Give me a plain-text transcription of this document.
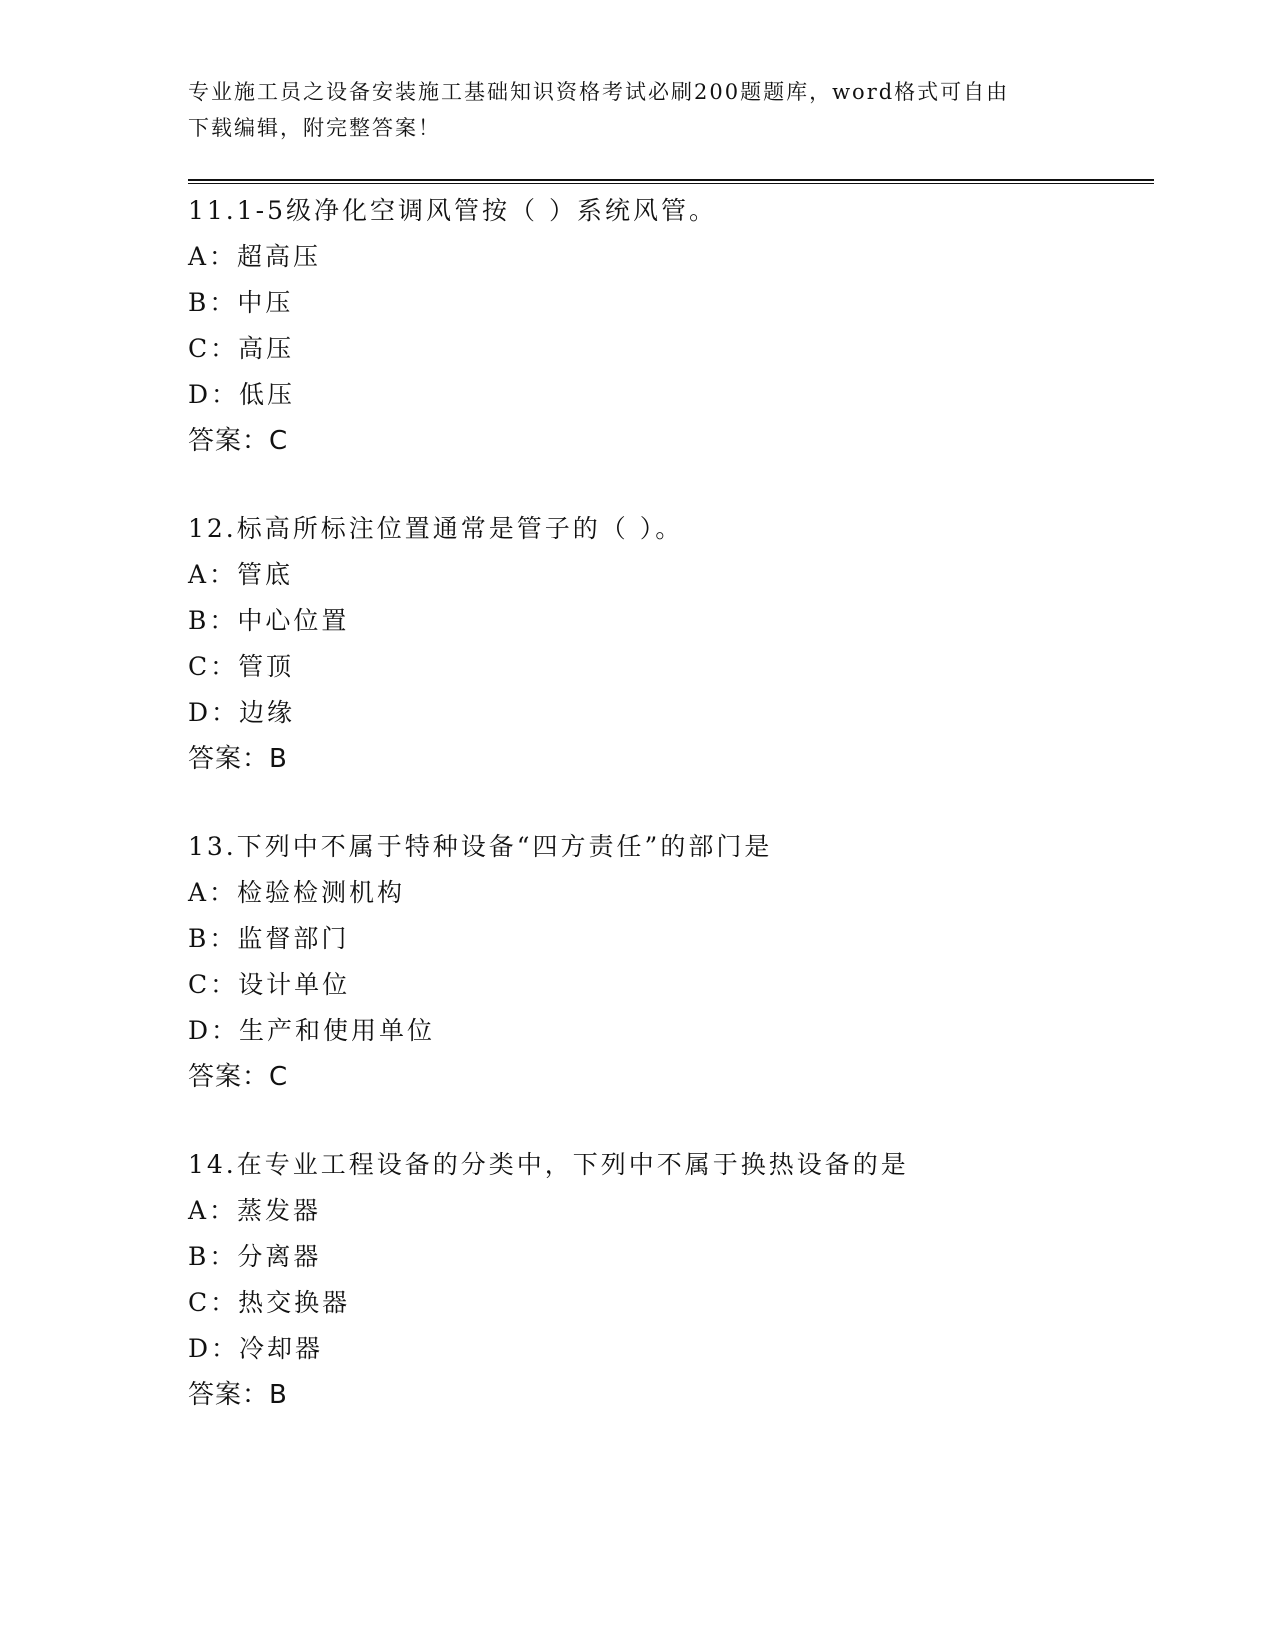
专业施工员之设备安装施工基础知识资格考试必刷200题题库，word格式可自由
下载编辑，附完整答案！
11.1-5级净化空调风管按（ ）系统风管。
A：超高压
B：中压
C：高压
D：低压
答案：C
12.标高所标注位置通常是管子的（ ）。
A：管底
B：中心位置
C：管顶
D：边缘
答案：B
13.下列中不属于特种设备“四方责任”的部门是
A：检验检测机构
B：监督部门
C：设计单位
D：生产和使用单位
答案：C
14.在专业工程设备的分类中，下列中不属于换热设备的是
A：蒸发器
B：分离器
C：热交换器
D：冷却器
答案：B
